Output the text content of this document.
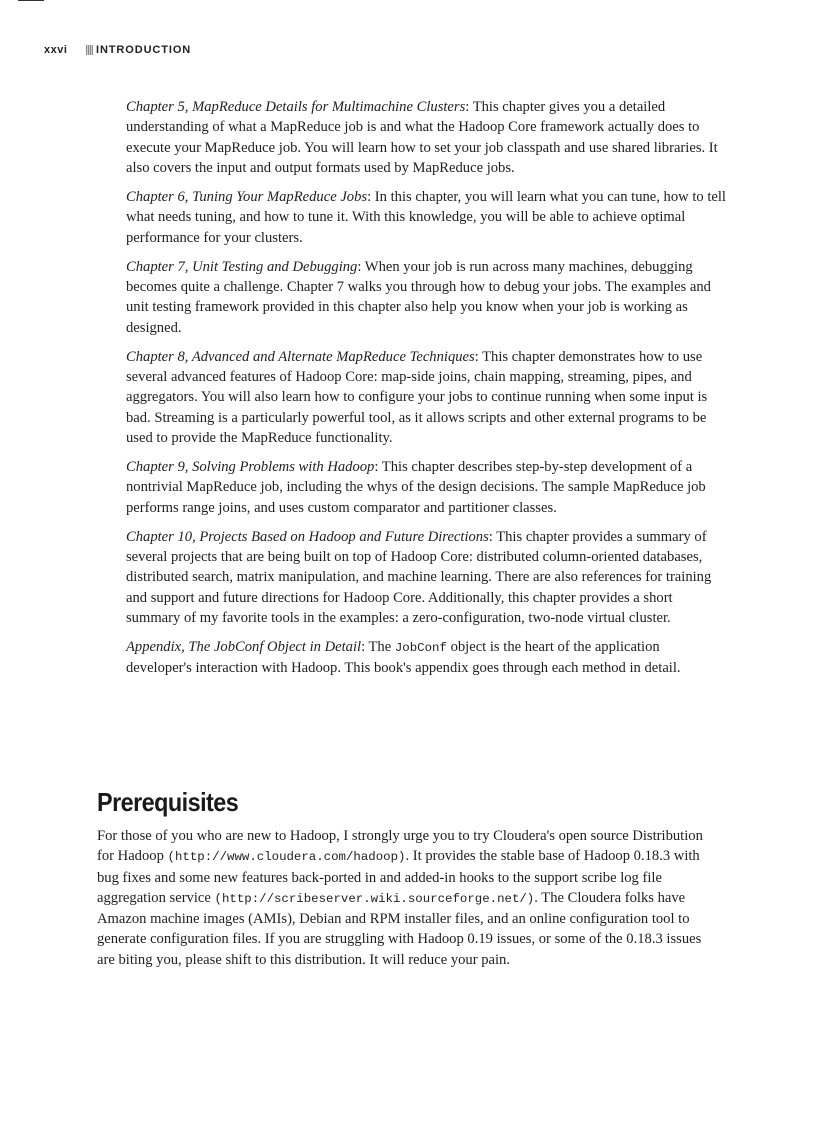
xxvi	INTRODUCTION

Chapter 5, MapReduce Details for Multimachine Clusters: This chapter gives you a detailed understanding of what a MapReduce job is and what the Hadoop Core framework actually does to execute your MapReduce job. You will learn how to set your job classpath and use shared libraries. It also covers the input and output formats used by MapReduce jobs.

Chapter 6, Tuning Your MapReduce Jobs: In this chapter, you will learn what you can tune, how to tell what needs tuning, and how to tune it. With this knowledge, you will be able to achieve optimal performance for your clusters.

Chapter 7, Unit Testing and Debugging: When your job is run across many machines, debugging becomes quite a challenge. Chapter 7 walks you through how to debug your jobs. The examples and unit testing framework provided in this chapter also help you know when your job is working as designed.

Chapter 8, Advanced and Alternate MapReduce Techniques: This chapter demonstrates how to use several advanced features of Hadoop Core: map-side joins, chain mapping, streaming, pipes, and aggregators. You will also learn how to configure your jobs to continue running when some input is bad. Streaming is a particularly powerful tool, as it allows scripts and other external programs to be used to provide the MapReduce functionality.

Chapter 9, Solving Problems with Hadoop: This chapter describes step-by-step development of a nontrivial MapReduce job, including the whys of the design decisions. The sample MapReduce job performs range joins, and uses custom comparator and partitioner classes.

Chapter 10, Projects Based on Hadoop and Future Directions: This chapter provides a summary of several projects that are being built on top of Hadoop Core: distributed column-oriented databases, distributed search, matrix manipulation, and machine learning. There are also references for training and support and future directions for Hadoop Core. Additionally, this chapter provides a short summary of my favorite tools in the examples: a zero-configuration, two-node virtual cluster.

Appendix, The JobConf Object in Detail: The JobConf object is the heart of the application developer's interaction with Hadoop. This book's appendix goes through each method in detail.

Prerequisites

For those of you who are new to Hadoop, I strongly urge you to try Cloudera's open source Distribution for Hadoop (http://www.cloudera.com/hadoop). It provides the stable base of Hadoop 0.18.3 with bug fixes and some new features back-ported in and added-in hooks to the support scribe log file aggregation service (http://scribeserver.wiki.sourceforge.net/). The Cloudera folks have Amazon machine images (AMIs), Debian and RPM installer files, and an online configuration tool to generate configuration files. If you are struggling with Hadoop 0.19 issues, or some of the 0.18.3 issues are biting you, please shift to this distribution. It will reduce your pain.
